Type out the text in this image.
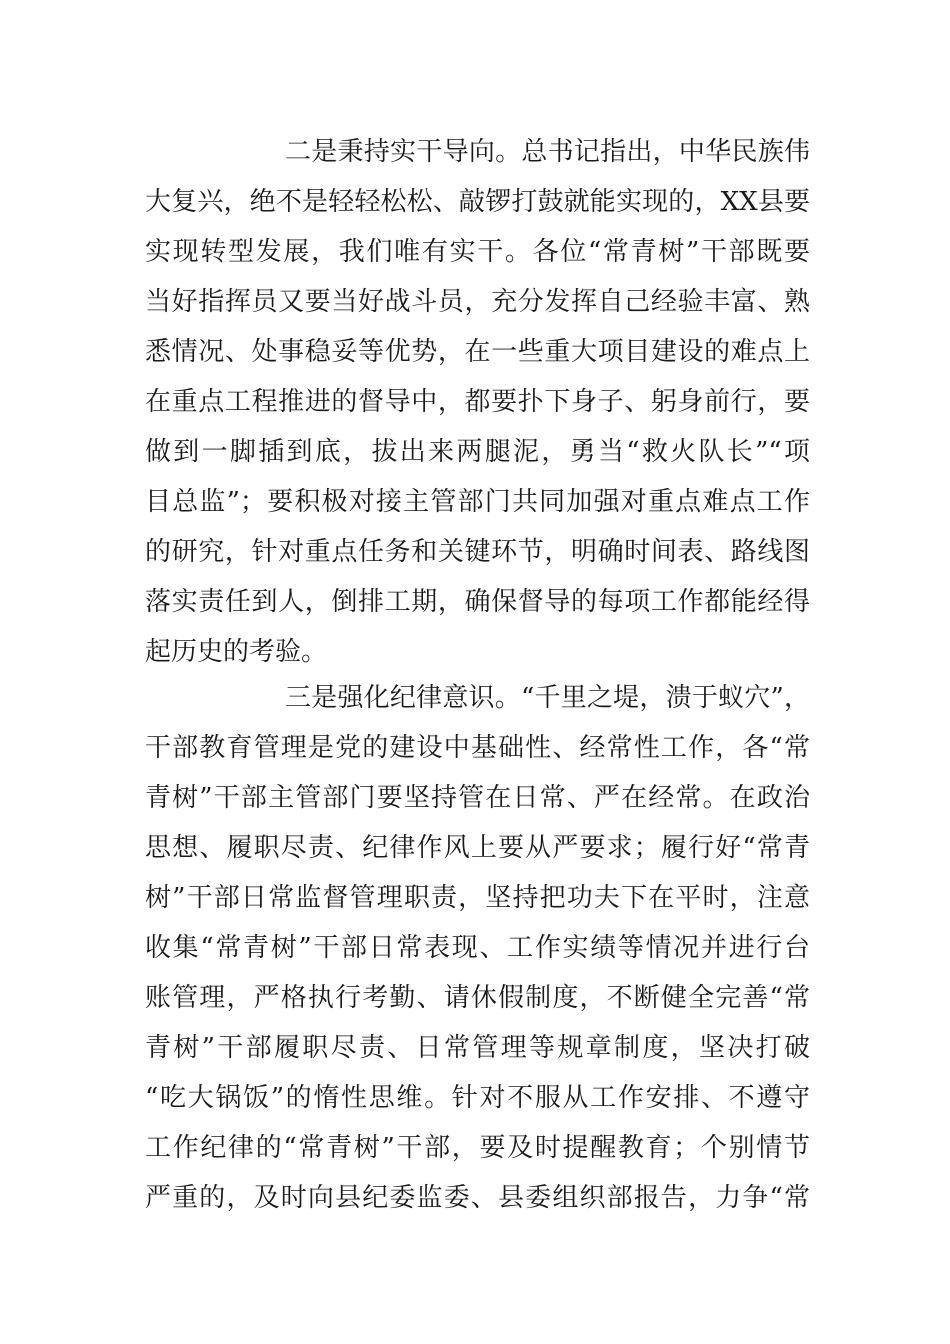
二是秉持实干导向。总书记指出，中华民族伟
大复兴，绝不是轻轻松松、敲锣打鼓就能实现的，XX县要
实现转型发展，我们唯有实干。各位“常青树”干部既要
当好指挥员又要当好战斗员，充分发挥自己经验丰富、熟
悉情况、处事稳妥等优势，在一些重大项目建设的难点上
在重点工程推进的督导中，都要扑下身子、躬身前行，要
做到一脚插到底，拔出来两腿泥，勇当“救火队长”“项
目总监”；要积极对接主管部门共同加强对重点难点工作
的研究，针对重点任务和关键环节，明确时间表、路线图
落实责任到人，倒排工期，确保督导的每项工作都能经得
起历史的考验。
三是强化纪律意识。“千里之堤，溃于蚁穴”，
干部教育管理是党的建设中基础性、经常性工作，各“常
青树”干部主管部门要坚持管在日常、严在经常。在政治
思想、履职尽责、纪律作风上要从严要求；履行好“常青
树”干部日常监督管理职责，坚持把功夫下在平时，注意
收集“常青树”干部日常表现、工作实绩等情况并进行台
账管理，严格执行考勤、请休假制度，不断健全完善“常
青树”干部履职尽责、日常管理等规章制度，坚决打破
“吃大锅饭”的惰性思维。针对不服从工作安排、不遵守
工作纪律的“常青树”干部，要及时提醒教育；个别情节
严重的，及时向县纪委监委、县委组织部报告，力争“常
